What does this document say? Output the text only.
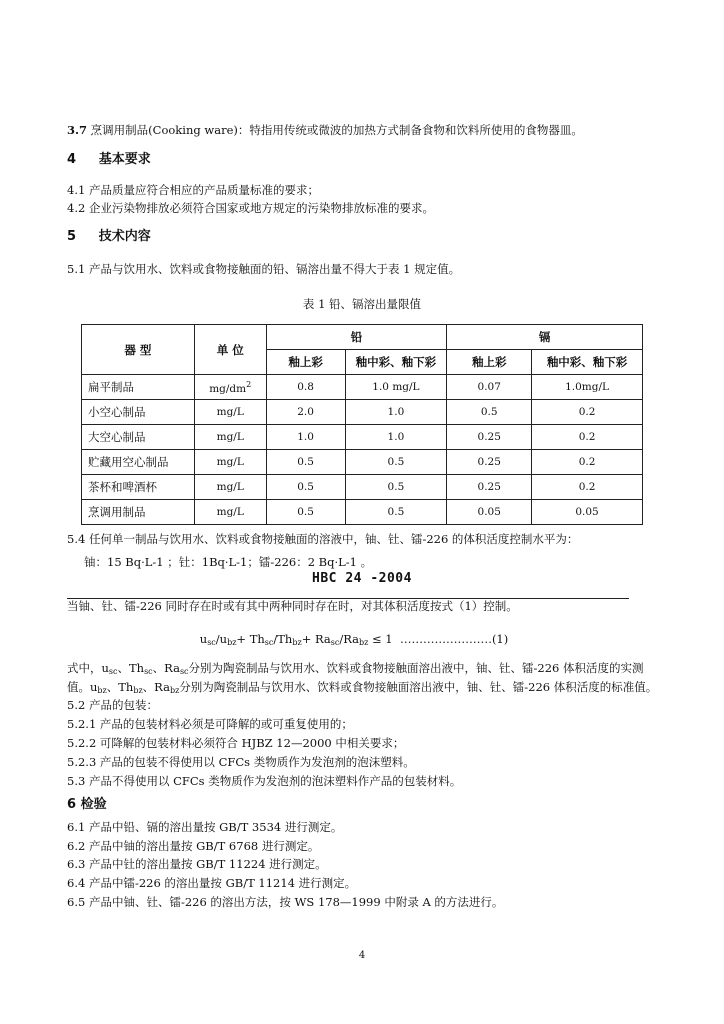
3.7 烹调用制品(Cooking ware)：特指用传统或微波的加热方式制备食物和饮料所使用的食物器皿。
4 基本要求
4.1 产品质量应符合相应的产品质量标准的要求；
4.2 企业污染物排放必须符合国家或地方规定的污染物排放标准的要求。
5 技术内容
5.1 产品与饮用水、饮料或食物接触面的铅、镉溶出量不得大于表 1 规定值。
表 1 铅、镉溶出量限值
器 型	单 位	铅		镉	
		釉上彩	釉中彩、釉下彩	釉上彩	釉中彩、釉下彩
扁平制品	$mg/dm^2$	0.8	1.0 mg/L	0.07	1.0mg/L
小空心制品	mg/L	2.0	1.0	0.5	0.2
大空心制品	mg/L	1.0	1.0	0.25	0.2
贮藏用空心制品	mg/L	0.5	0.5	0.25	0.2
茶杯和啤酒杯	mg/L	0.5	0.5	0.25	0.2
烹调用制品	mg/L	0.5	0.5	0.05	0.05
5.4 任何单一制品与饮用水、饮料或食物接触面的溶液中，铀、钍、镭-226 的体积活度控制水平为：
铀：15 Bq·L-1 ；钍：1Bq·L-1；镭-226：2 Bq·L-1 。
HBC 24 -2004
当铀、钍、镭-226 同时存在时或有其中两种同时存在时，对其体积活度按式（1）控制。
$u_{sc}/u_{bz}+ Th_{sc}/Th_{bz}+ Ra_{sc}/Ra_{bz} \le 1$ ……………………(1)
式中，$u_{sc}$、$Th_{sc}$、$Ra_{sc}$分别为陶瓷制品与饮用水、饮料或食物接触面溶出液中，铀、钍、镭-226 体积活度的实测
值。$u_{bz}$、$Th_{bz}$、$Ra_{bz}$分别为陶瓷制品与饮用水、饮料或食物接触面溶出液中，铀、钍、镭-226 体积活度的标准值。
5.2 产品的包装：
5.2.1 产品的包装材料必须是可降解的或可重复使用的；
5.2.2 可降解的包装材料必须符合 HJBZ 12—2000 中相关要求；
5.2.3 产品的包装不得使用以 CFCs 类物质作为发泡剂的泡沫塑料。
5.3 产品不得使用以 CFCs 类物质作为发泡剂的泡沫塑料作产品的包装材料。
6 检验
6.1 产品中铅、镉的溶出量按 GB/T 3534 进行测定。
6.2 产品中铀的溶出量按 GB/T 6768 进行测定。
6.3 产品中钍的溶出量按 GB/T 11224 进行测定。
6.4 产品中镭-226 的溶出量按 GB/T 11214 进行测定。
6.5 产品中铀、钍、镭-226 的溶出方法，按 WS 178—1999 中附录 A 的方法进行。
4
